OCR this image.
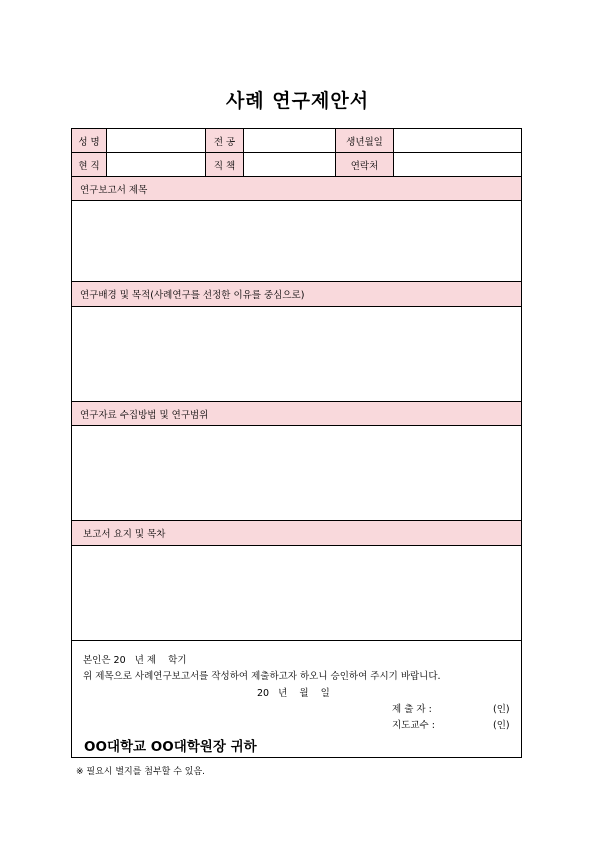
사례 연구제안서
성 명	전 공	생년월일
현 직	직 책	연락처
연구보고서 제목
연구배경 및 목적(사례연구를 선정한 이유를 중심으로)
연구자료 수집방법 및 연구범위
보고서 요지 및 목차
본인은 20   년 제    학기
위 제목으로 사례연구보고서를 작성하여 제출하고자 하오니 승인하여 주시기 바랍니다.
20   년    월    일
제 출 자 :	(인)
지도교수 :	(인)
OO대학교 OO대학원장 귀하
※ 필요시 별지를 첨부할 수 있음.
